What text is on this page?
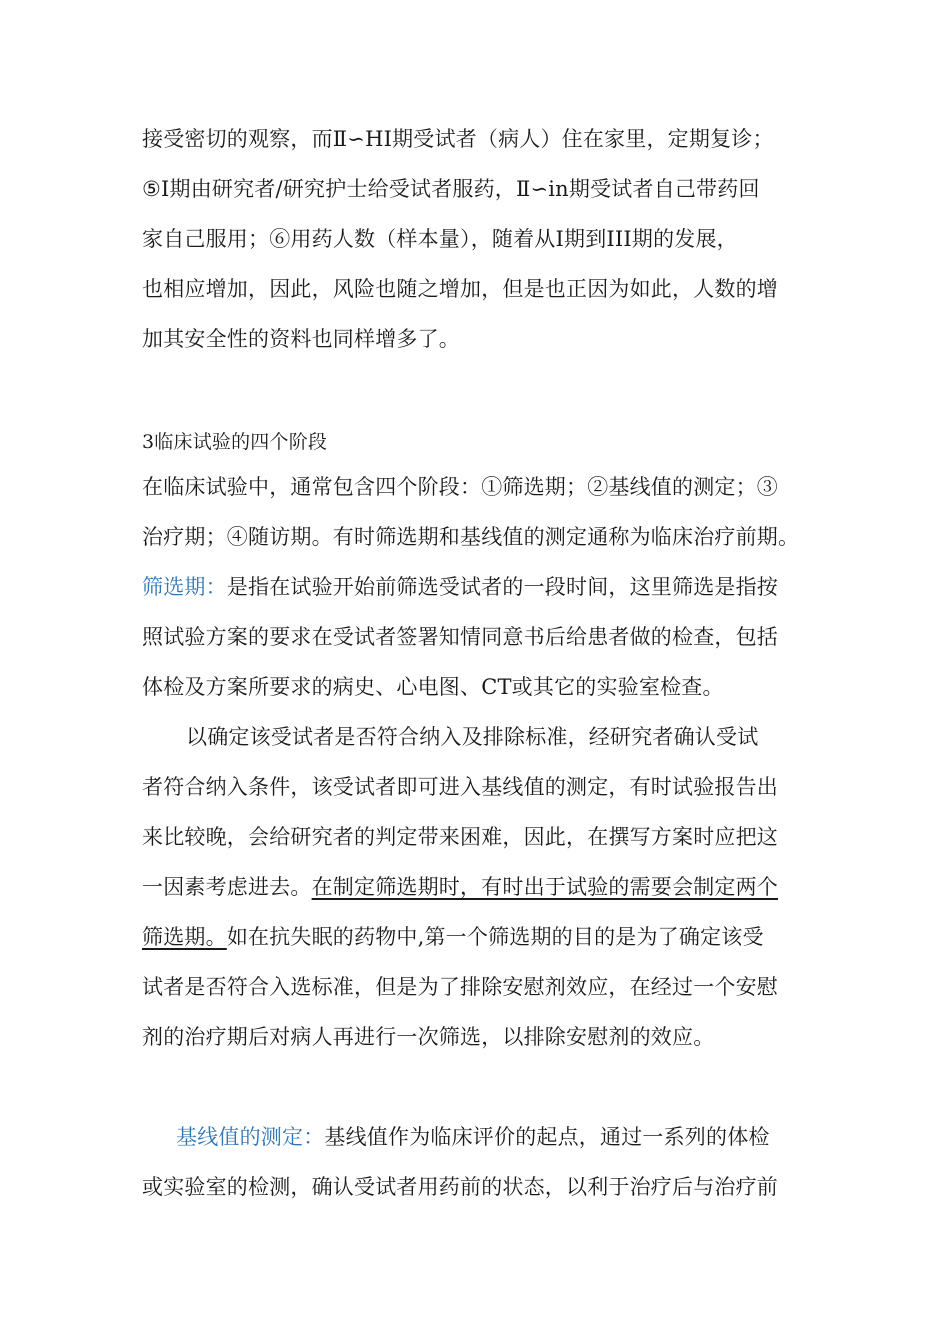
接受密切的观察，而Ⅱ∽HI期受试者（病人）住在家里，定期复诊；
⑤Ⅰ期由研究者/研究护士给受试者服药，Ⅱ∽in期受试者自己带药回
家自己服用；⑥用药人数（样本量），随着从Ⅰ期到III期的发展，
也相应增加，因此，风险也随之增加，但是也正因为如此，人数的增
加其安全性的资料也同样增多了。
3临床试验的四个阶段
在临床试验中，通常包含四个阶段：①筛选期；②基线值的测定；③
治疗期；④随访期。有时筛选期和基线值的测定通称为临床治疗前期。
筛选期：是指在试验开始前筛选受试者的一段时间，这里筛选是指按
照试验方案的要求在受试者签署知情同意书后给患者做的检查，包括
体检及方案所要求的病史、心电图、CT或其它的实验室检查。
以确定该受试者是否符合纳入及排除标准，经研究者确认受试
者符合纳入条件，该受试者即可进入基线值的测定，有时试验报告出
来比较晚，会给研究者的判定带来困难，因此，在撰写方案时应把这
一因素考虑进去。在制定筛选期时，有时出于试验的需要会制定两个
筛选期。如在抗失眠的药物中,第一个筛选期的目的是为了确定该受
试者是否符合入选标准，但是为了排除安慰剂效应，在经过一个安慰
剂的治疗期后对病人再进行一次筛选，以排除安慰剂的效应。
基线值的测定：基线值作为临床评价的起点，通过一系列的体检
或实验室的检测，确认受试者用药前的状态，以利于治疗后与治疗前
